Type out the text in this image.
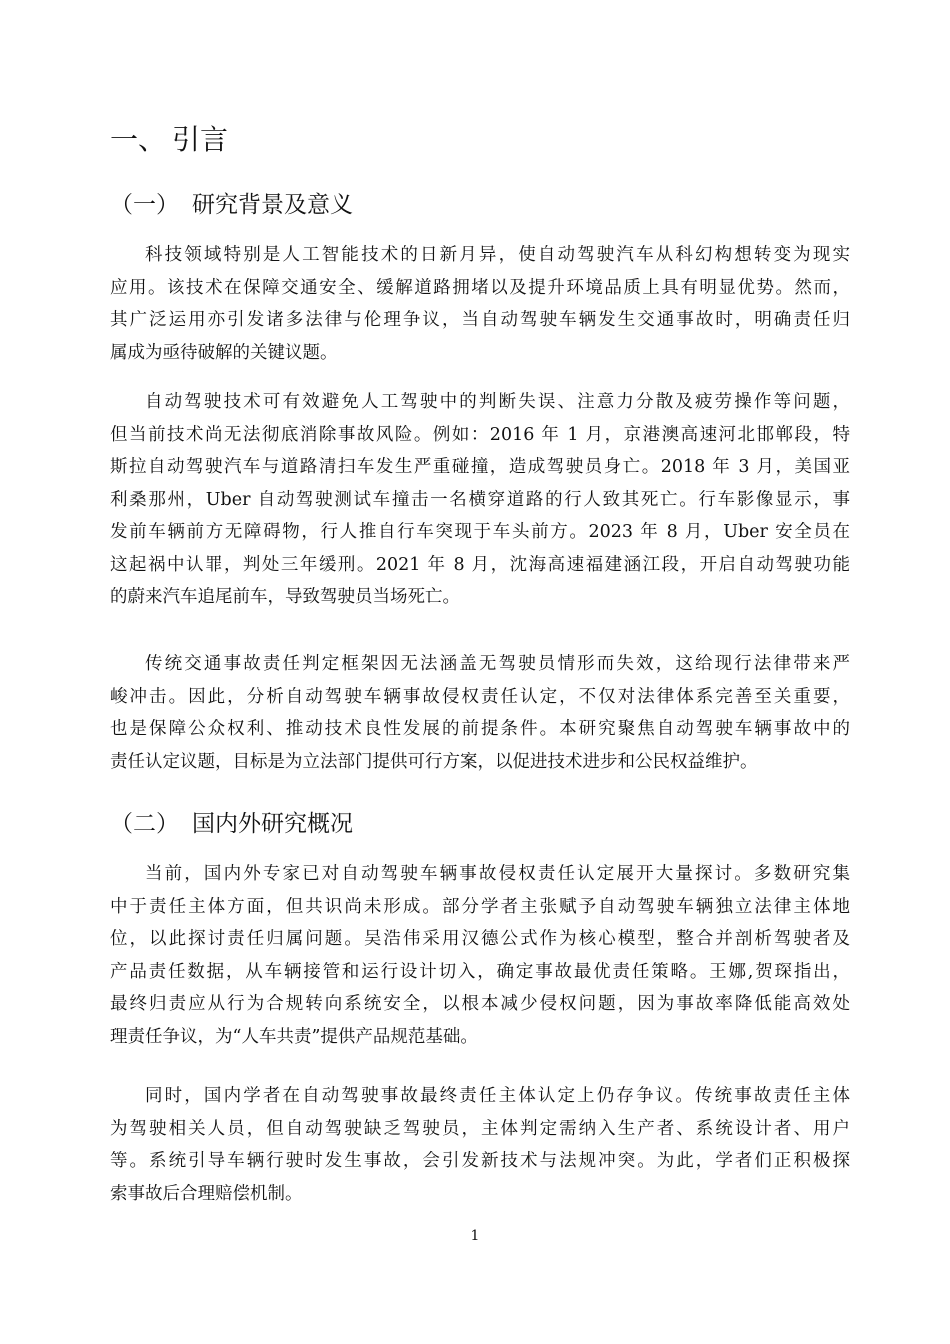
一、 引言
（一） 研究背景及意义
科技领域特别是人工智能技术的日新月异，使自动驾驶汽车从科幻构想转变为现实
应用。该技术在保障交通安全、缓解道路拥堵以及提升环境品质上具有明显优势。然而，
其广泛运用亦引发诸多法律与伦理争议，当自动驾驶车辆发生交通事故时，明确责任归
属成为亟待破解的关键议题。
自动驾驶技术可有效避免人工驾驶中的判断失误、注意力分散及疲劳操作等问题，
但当前技术尚无法彻底消除事故风险。例如：2016 年 1 月，京港澳高速河北邯郸段，特
斯拉自动驾驶汽车与道路清扫车发生严重碰撞，造成驾驶员身亡。2018 年 3 月，美国亚
利桑那州，Uber 自动驾驶测试车撞击一名横穿道路的行人致其死亡。行车影像显示，事
发前车辆前方无障碍物，行人推自行车突现于车头前方。2023 年 8 月，Uber 安全员在
这起祸中认罪，判处三年缓刑。2021 年 8 月，沈海高速福建涵江段，开启自动驾驶功能
的蔚来汽车追尾前车，导致驾驶员当场死亡。
传统交通事故责任判定框架因无法涵盖无驾驶员情形而失效，这给现行法律带来严
峻冲击。因此，分析自动驾驶车辆事故侵权责任认定，不仅对法律体系完善至关重要，
也是保障公众权利、推动技术良性发展的前提条件。本研究聚焦自动驾驶车辆事故中的
责任认定议题，目标是为立法部门提供可行方案，以促进技术进步和公民权益维护。
（二） 国内外研究概况
当前，国内外专家已对自动驾驶车辆事故侵权责任认定展开大量探讨。多数研究集
中于责任主体方面，但共识尚未形成。部分学者主张赋予自动驾驶车辆独立法律主体地
位，以此探讨责任归属问题。吴浩伟采用汉德公式作为核心模型，整合并剖析驾驶者及
产品责任数据，从车辆接管和运行设计切入，确定事故最优责任策略。王娜,贺琛指出，
最终归责应从行为合规转向系统安全，以根本减少侵权问题，因为事故率降低能高效处
理责任争议，为“人车共责”提供产品规范基础。
同时，国内学者在自动驾驶事故最终责任主体认定上仍存争议。传统事故责任主体
为驾驶相关人员，但自动驾驶缺乏驾驶员，主体判定需纳入生产者、系统设计者、用户
等。系统引导车辆行驶时发生事故，会引发新技术与法规冲突。为此，学者们正积极探
索事故后合理赔偿机制。
1
